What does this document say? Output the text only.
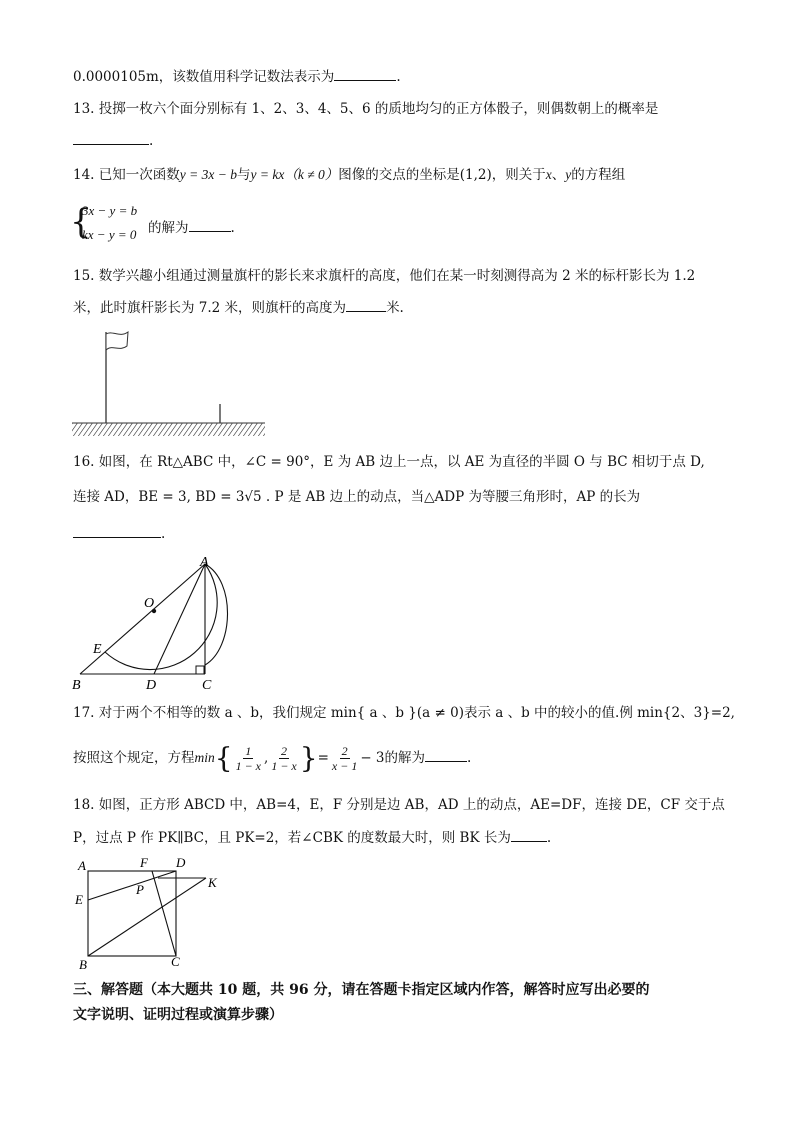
0.0000105m，该数值用科学记数法表示为	.
13. 投掷一枚六个面分别标有 1、2、3、4、5、6 的质地均匀的正方体骰子，则偶数朝上的概率是
.
14. 已知一次函数y = 3x − b与y = kx（k ≠ 0）图像的交点的坐标是(1,2)，则关于x、y的方程组
{
3x − y = b
kx − y = 0 的解为	.
15. 数学兴趣小组通过测量旗杆的影长来求旗杆的高度，他们在某一时刻测得高为 2 米的标杆影长为 1.2
米，此时旗杆影长为 7.2 米，则旗杆的高度为	米.
16. 如图，在 Rt△ABC 中，∠C = 90°，E 为 AB 边上一点，以 AE 为直径的半圆 O 与 BC 相切于点 D,
连接 AD，BE = 3, BD = 3√5 . P 是 AB 边上的动点，当△ADP 为等腰三角形时，AP 的长为
.
A
O
E
B	D	C
17. 对于两个不相等的数 a 、b，我们规定 min{ a 、b }(a ≠ 0)表示 a 、b 中的较小的值.例 min{2、3}=2,
按照这个规定，方程$\min\{ \frac{1}{1 - x}$ , $\frac{2}{1 - x}$ }= $\frac{2}{x - 1} - 3$的解为	.
18. 如图，正方形 ABCD 中，AB=4，E，F 分别是边 AB，AD 上的动点，AE=DF，连接 DE，CF 交于点
P，过点 P 作 PK∥BC，且 PK=2，若∠CBK 的度数最大时，则 BK 长为	.
A	F D
K
P
E
B	C
三、解答题（本大题共 10 题，共 96 分，请在答题卡指定区域内作答，解答时应写出必要的
文字说明、证明过程或演算步骤）
